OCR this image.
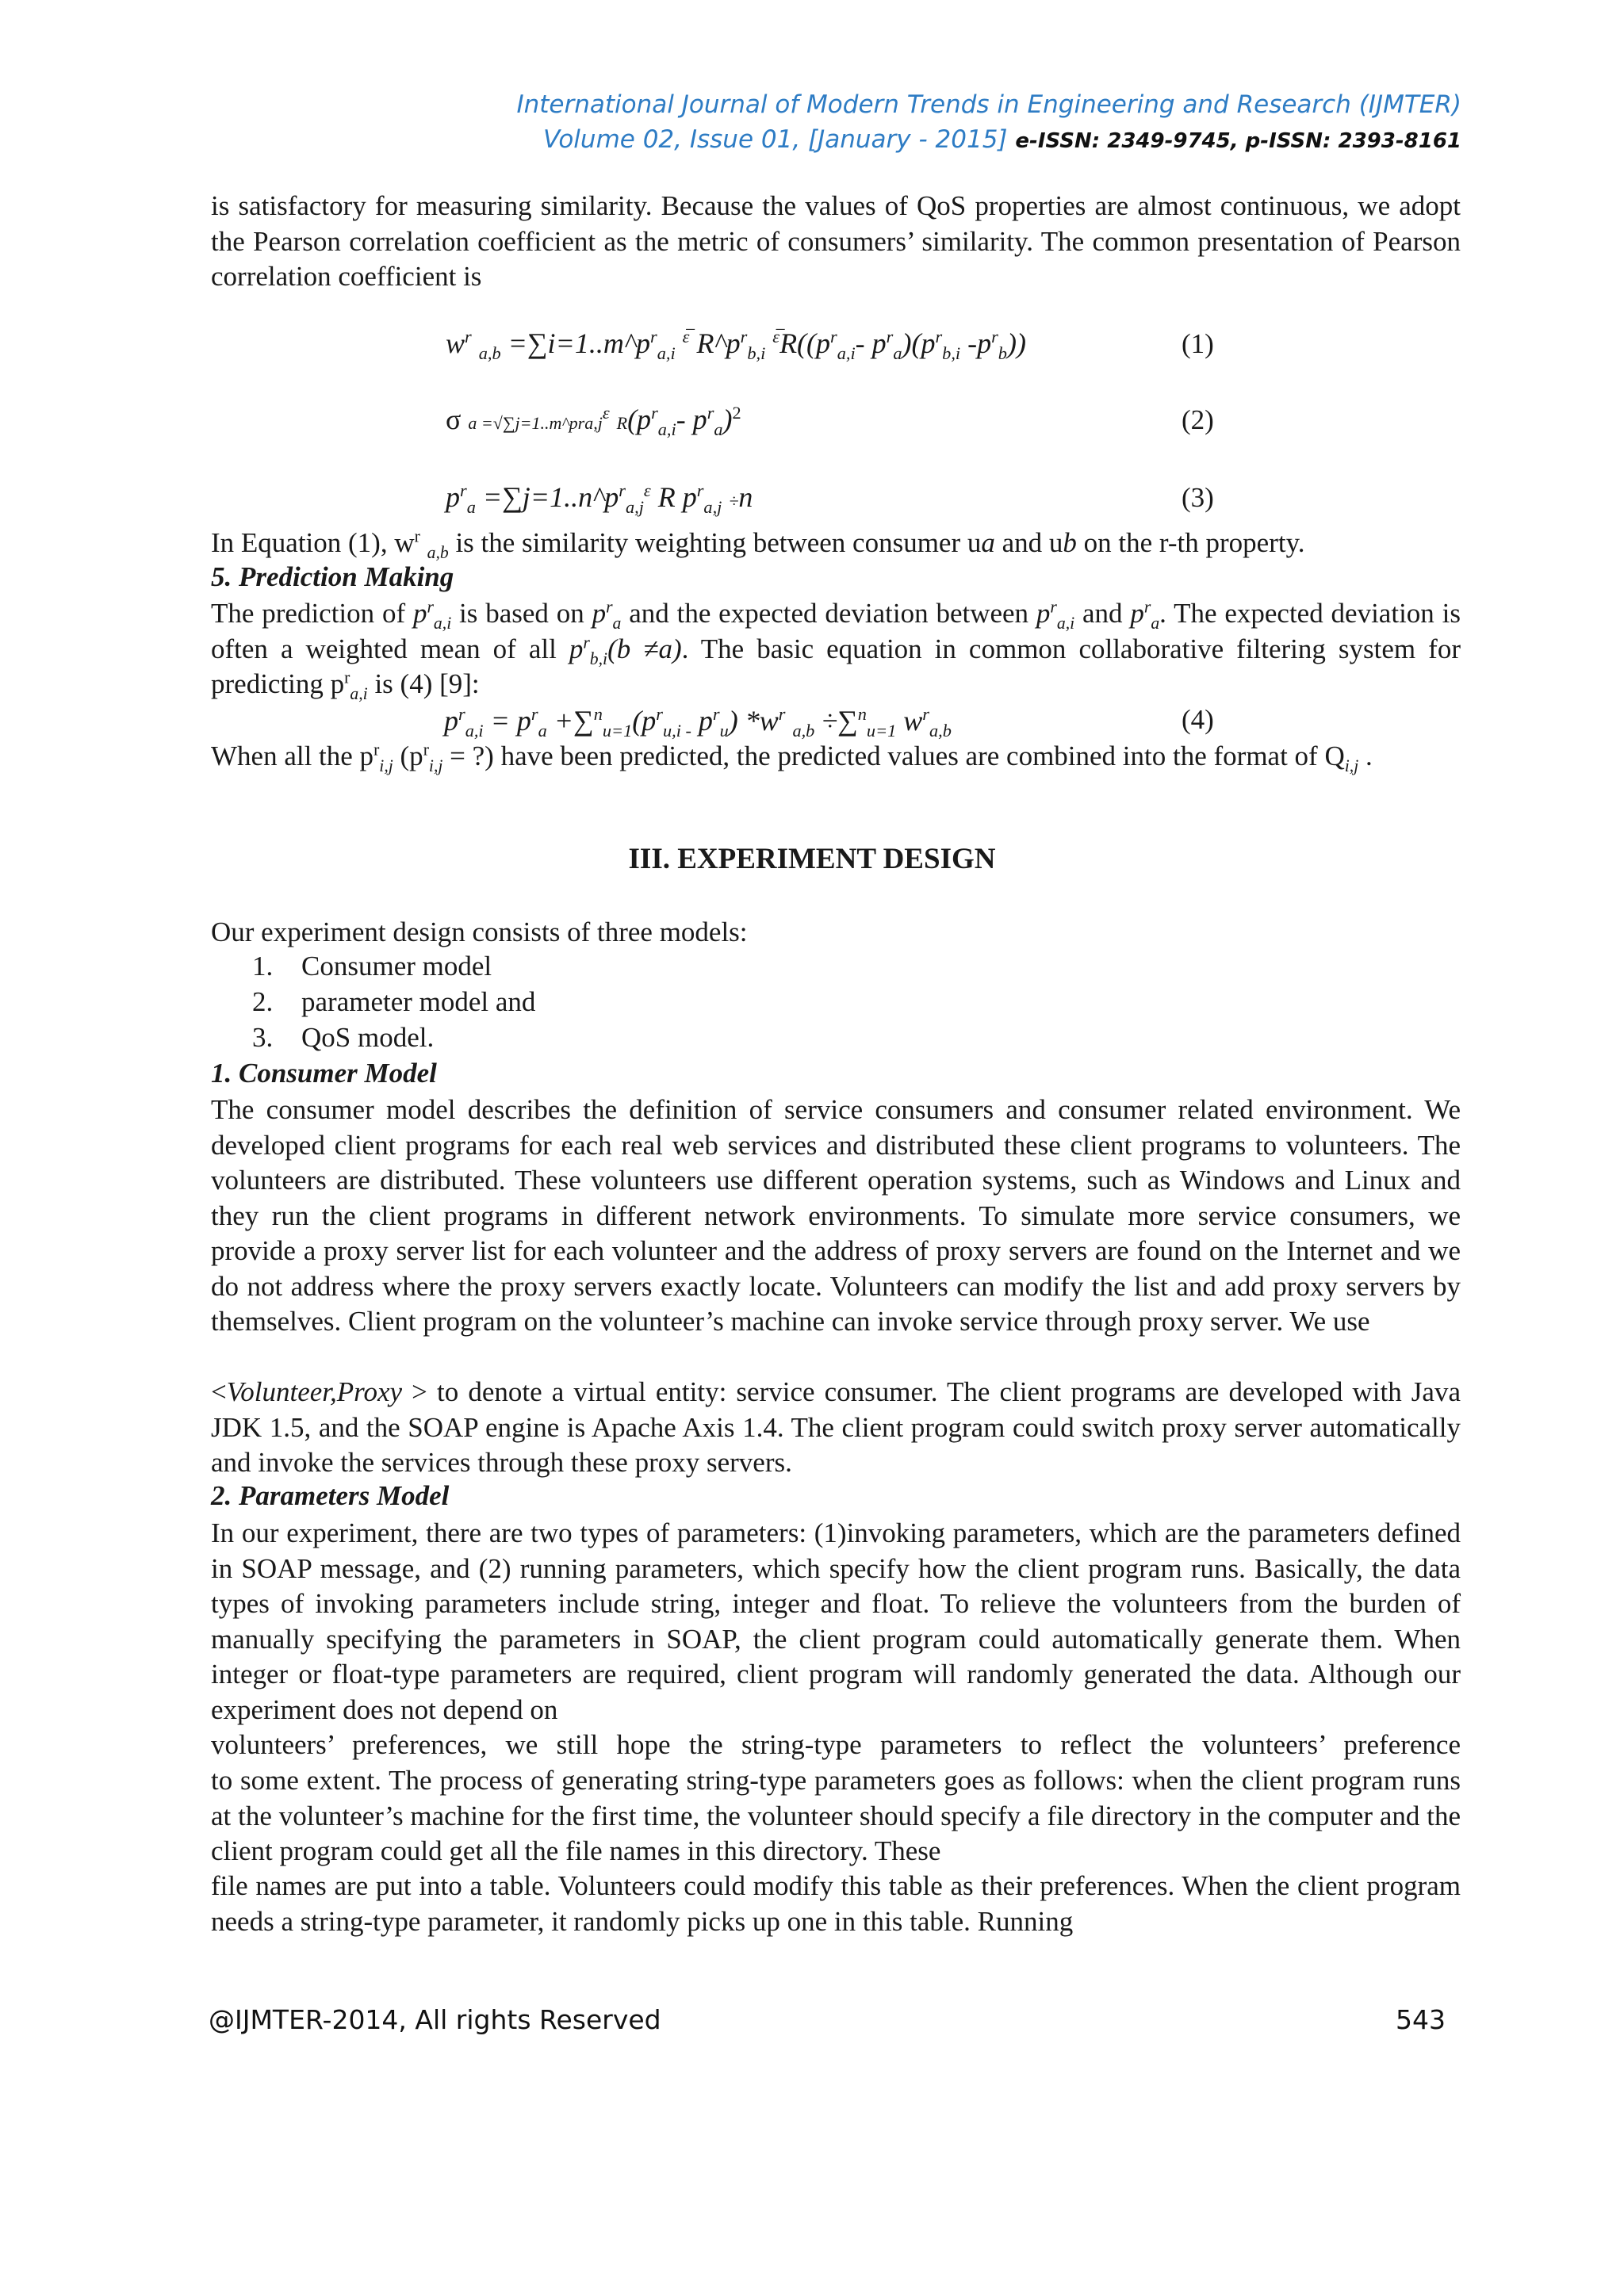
International Journal of Modern Trends in Engineering and Research (IJMTER)
Volume 02, Issue 01, [January - 2015] e-ISSN: 2349-9745, p-ISSN: 2393-8161
is satisfactory for measuring similarity. Because the values of QoS properties are almost continuous, we adopt the Pearson correlation coefficient as the metric of consumers’ similarity. The common presentation of Pearson correlation coefficient is
$w^r$ $_{a,b} =\sum i=1..m\^{}p^r_{a,i}$ $^{\varepsilon̅}$ $R\^{}p^r_{b,i}$ $^{\varepsilon̅}R((p^r_{a,i}-$ $p^r_a)(p^r_{b,i}$ $-p^r_b$))	(1)
σ $a =√\sum j=1..m\^{}pra,j^\varepsilon$ $R(p^r_{a,i}-$ $p^r_a)^2$	(2)
$p^r_a$ $=\sum j=1..n\^{}p^r_{a,j}^\varepsilon$ R $p^r_{a,j} \div n$	(3)
In Equation (1), $w^r$ $_{a,b}$ is the similarity weighting between consumer ua and ub on the r-th property.
5. Prediction Making
The prediction of $p^r_{a,i}$ is based on $p^r_a$ and the expected deviation between $p^r_{a,i}$ and $p^r_a$. The expected deviation is often a weighted mean of all $p^r_{b,i}(b \ne a)$. The basic equation in common collaborative filtering system for predicting $p^r_{a,i}$ is (4) [9]:
$p^r_{a,i} = p^r_a +\sum^n_{u=1}(p^r_{u,i -}$ $p^r_u$) $*w^r$ $_{a,b}$ ÷∑$^n_{u=1}$ $w^r_{a,b}$	(4)
When all the $p^r_{i,j}$ ($p^r_{i,j}$ = ?) have been predicted, the predicted values are combined into the format of $Q_{i,j}$ .
III. EXPERIMENT DESIGN
Our experiment design consists of three models:
1. Consumer model
2. parameter model and
3. QoS model.
1. Consumer Model
The consumer model describes the definition of service consumers and consumer related environment. We developed client programs for each real web services and distributed these client programs to volunteers. The volunteers are distributed. These volunteers use different operation systems, such as Windows and Linux and they run the client programs in different network environments. To simulate more service consumers, we provide a proxy server list for each volunteer and the address of proxy servers are found on the Internet and we do not address where the proxy servers exactly locate. Volunteers can modify the list and add proxy servers by themselves. Client program on the volunteer’s machine can invoke service through proxy server. We use
<Volunteer,Proxy > to denote a virtual entity: service consumer. The client programs are developed with Java JDK 1.5, and the SOAP engine is Apache Axis 1.4. The client program could switch proxy server automatically and invoke the services through these proxy servers.
2. Parameters Model
In our experiment, there are two types of parameters: (1)invoking parameters, which are the parameters defined in SOAP message, and (2) running parameters, which specify how the client program runs. Basically, the data types of invoking parameters include string, integer and float. To relieve the volunteers from the burden of manually specifying the parameters in SOAP, the client program could automatically generate them. When integer or float-type parameters are required, client program will randomly generated the data. Although our experiment does not depend on
volunteers’ preferences, we still hope the string-type parameters to reflect the volunteers’ preference
to some extent. The process of generating string-type parameters goes as follows: when the client program runs at the volunteer’s machine for the first time, the volunteer should specify a file directory in the computer and the client program could get all the file names in this directory. These
file names are put into a table. Volunteers could modify this table as their preferences. When the client program needs a string-type parameter, it randomly picks up one in this table. Running
@IJMTER-2014, All rights Reserved	543
